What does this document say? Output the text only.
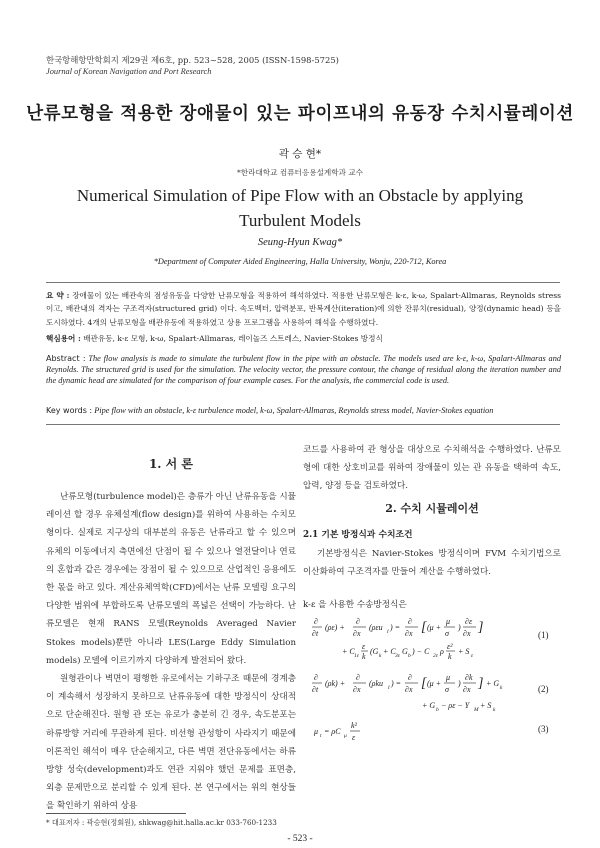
한국항해항만학회지 제29권 제6호, pp. 523~528, 2005 (ISSN-1598-5725)
Journal of Korean Navigation and Port Research
난류모형을 적용한 장애물이 있는 파이프내의 유동장 수치시뮬레이션
곽 승 현*
*한라대학교 컴퓨터응용설계학과 교수
Numerical Simulation of Pipe Flow with an Obstacle by applying
Turbulent Models
Seung-Hyun Kwag*
*Department of Computer Aided Engineering, Halla University, Wonju, 220-712, Korea
요 약 : 장애물이 있는 배관속의 점성유동을 다양한 난류모형을 적용하여 해석하였다. 적용한 난류모형은 k-ε, k-ω, Spalart-Allmaras, Reynolds stress 이고, 배관내의 격자는 구조격자(structured grid) 이다. 속도벡터, 압력분포, 반복계산(iteration)에 의한 잔류치(residual), 양정(dynamic head) 등을 도시하였다. 4개의 난류모형을 배관유동에 적용하였고 상용 프로그램을 사용하여 해석을 수행하였다.
핵심용어 : 배관유동, k-ε 모형, k-ω, Spalart-Allmaras, 레이놀즈 스트레스, Navier-Stokes 방정식
Abstract : The flow analysis is made to simulate the turbulent flow in the pipe with an obstacle. The models used are k-ε, k-ω, Spalart-Allmaras and Reynolds. The structured grid is used for the simulation. The velocity vector, the pressure contour, the change of residual along the iteration number and the dynamic head are simulated for the comparison of four example cases. For the analysis, the commercial code is used.
Key words : Pipe flow with an obstacle, k-ε turbulence model, k-ω, Spalart-Allmaras, Reynolds stress model, Navier-Stokes equation
1. 서 론
난류모형(turbulence model)은 층류가 아닌 난류유동을 시뮬레이션 할 경우 유체설계(flow design)를 위하여 사용하는 수치모형이다. 실제로 지구상의 대부분의 유동은 난류라고 할 수 있으며 유체의 이동에너지 측면에선 단점이 될 수 있으나 열전달이나 연료의 혼합과 같은 경우에는 장점이 될 수 있으므로 산업적인 응용에도 한 몫을 하고 있다. 계산유체역학(CFD)에서는 난류 모델링 요구의 다양한 범위에 부합하도록 난류모델의 폭넓은 선택이 가능하다. 난류모델은 현재 RANS 모델(Reynolds Averaged Navier Stokes models)뿐만 아니라 LES(Large Eddy Simulation models) 모델에 이르기까지 다양하게 발전되어 왔다.
원형관이나 벽면이 평행한 유로에서는 기하구조 때문에 경계층이 계속해서 성장하지 못하므로 난류유동에 대한 방정식이 상대적으로 단순해진다. 원형 관 또는 유로가 충분히 긴 경우, 속도분포는 하류방향 거리에 무관하게 된다. 비선형 관성항이 사라지기 때문에 이론적인 해석이 매우 단순해지고, 다른 벽면 전단유동에서는 하류방향 성숙(development)과도 연관 지워야 했던 문제를 표면층, 외층 문제만으로 분리할 수 있게 된다. 본 연구에서는 위의 현상들을 확인하기 위하여 상용
코드를 사용하여 관 형상을 대상으로 수치해석을 수행하였다. 난류모형에 대한 상호비교를 위하여 장애물이 있는 관 유동을 택하여 속도, 압력, 양정 등을 검토하였다.
2. 수치 시뮬레이션
2.1 기본 방정식과 수치조건
기본방정식은 Navier-Stokes 방정식이며 FVM 수치기법으로 이산화하여 구조격자를 만들어 계산을 수행하였다.
k-ε 을 사용한 수송방정식은
∂
∂t
(ρε) +
∂
∂x
(ρεu i ) =
∂
∂x [ (μ +
μ
σ
)
∂ε
∂x ]
+ C 1ε
ε
k
(G k + C 3ε G b ) − C 2ε ρ
ε²
k
+ S ε
(1)
∂
∂t
(ρk) +
∂
∂x
(ρku i ) =
∂
∂x [ (μ +
μ
σ
)
∂k
∂x ] + G k
+ G b − ρε − Y M + S k
(2)
μ t = ρC μ
k²
ε
(3)
* 대표저자 : 곽승현(정회원), shkwag@hit.halla.ac.kr 033-760-1233
- 523 -
